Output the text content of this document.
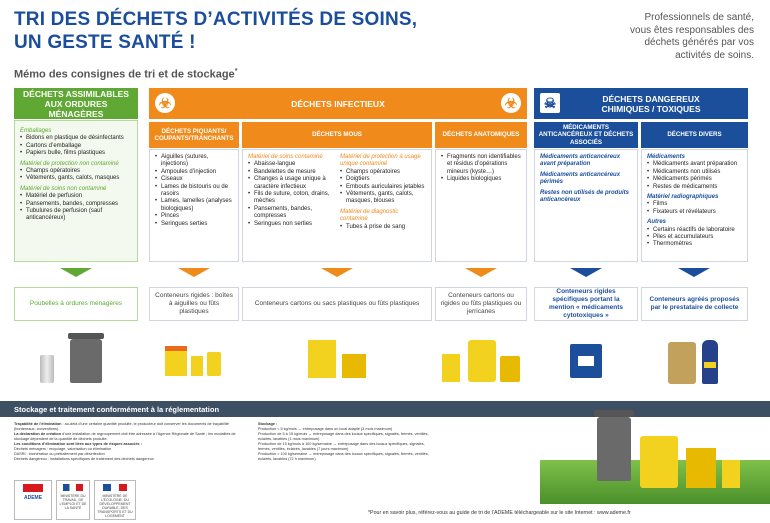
TRI DES DÉCHETS D’ACTIVITÉS DE SOINS,
UN GESTE SANTÉ !
Professionnels de santé,
vous êtes responsables des
déchets générés par vos
activités de soins.
Mémo des consignes de tri et de stockage*
DÉCHETS ASSIMILABLES AUX ORDURES MÉNAGÈRES
☣	DÉCHETS INFECTIEUX	☣ ☠	DÉCHETS DANGEREUX
CHIMIQUES / TOXIQUES
Emballages
• Bidons en plastique de désinfectants
• Cartons d’emballage
• Papiers bulle, films plastiques
Matériel de protection non contaminé
• Champs opératoires
• Vêtements, gants, calots, masques
Matériel de soins non contaminé
• Matériel de perfusion
• Pansements, bandes, compresses
• Tubulures de perfusion (sauf anticancéreux)
DÉCHETS PIQUANTS/ COUPANTS/TRANCHANTS
DÉCHETS MOUS	DÉCHETS ANATOMIQUES
MÉDICAMENTS ANTICANCÉREUX ET DÉCHETS ASSOCIÉS
DÉCHETS DIVERS
• Aiguilles (sutures, injections)
• Ampoules d’injection
• Ciseaux
• Lames de bistouris ou de rasoirs
• Lames, lamelles (analyses biologiques)
• Pinces
• Seringues serties
Matériel de soins contaminé
• Abaisse-langue
• Bandelettes de mesure
• Changes à usage unique à caractère infectieux
• Fils de suture, coton, drains, mèches
• Pansements, bandes, compresses
• Seringues non serties
Matériel de protection à usage unique contaminé
• Champs opératoires
• Doigtiers
• Embouts auriculaires jetables
• Vêtements, gants, calots, masques, blouses
Matériel de diagnostic contaminé
• Tubes à prise de sang
• Fragments non identifiables et résidus d’opérations mineurs (kyste…)
• Liquides biologiques
Médicaments anticancéreux avant préparation
Médicaments anticancéreux périmés
Restes non utilisés de produits anticancéreux
Médicaments
• Médicaments avant préparation
• Médicaments non utilisés
• Médicaments périmés
• Restes de médicaments
Matériel radiographiques
• Films
• Fixateurs et révélateurs
Autres
• Certains réactifs de laboratoire
• Piles et accumulateurs
• Thermomètres
Poubelles à ordures ménagères
Conteneurs rigides : boîtes à aiguilles ou fûts plastiques
Conteneurs cartons ou sacs plastiques ou fûts plastiques
Conteneurs cartons ou rigides ou fûts plastiques ou jerricanes
Conteneurs rigides spécifiques portant la mention « médicaments cytotoxiques »
Conteneurs agréés proposés par le prestataire de collecte
Stockage et traitement conformément à la réglementation

Traçabilité de l’élimination : au-delà d’une certaine quantité produite, le producteur doit conserver les documents de traçabilité (bordereaux, conventions).

La déclaration de création d’une installation de regroupement doit être adressée à l’Agence Régionale de Santé ; les modalités de stockage dépendent de la quantité de déchets produite.

Les conditions d’élimination sont liées aux types de risques associés :

Déchets ménagers : recyclage, valorisation ou élimination

DASRI : incinération ou prétraitement par désinfection

Déchets dangereux : installations spécifiques de traitement des déchets dangereux

Stockage :

Production < 5 kg/mois → entreposage dans un local adapté (3 mois maximum)

Production de 5 à 15 kg/mois → entreposage dans des locaux spécifiques, signalés, fermés, ventilés, éclairés, lavables (1 mois maximum)

Production de 15 kg/mois à 100 kg/semaine → entreposage dans des locaux spécifiques, signalés, fermés, ventilés, éclairés, lavables (7 jours maximum)

Production > 100 kg/semaine → entreposage dans des locaux spécifiques, signalés, fermés, ventilés, éclairés, lavables (72 h maximum)

ADEME	MINISTÈRE DU TRAVAIL, DE L’EMPLOI ET DE LA SANTÉ
MINISTÈRE DE L’ÉCOLOGIE, DU DÉVELOPPEMENT DURABLE, DES TRANSPORTS ET DU LOGEMENT	*Pour en savoir plus, référez-vous au guide de tri de l’ADEME téléchargeable sur le site Internet : www.ademe.fr
